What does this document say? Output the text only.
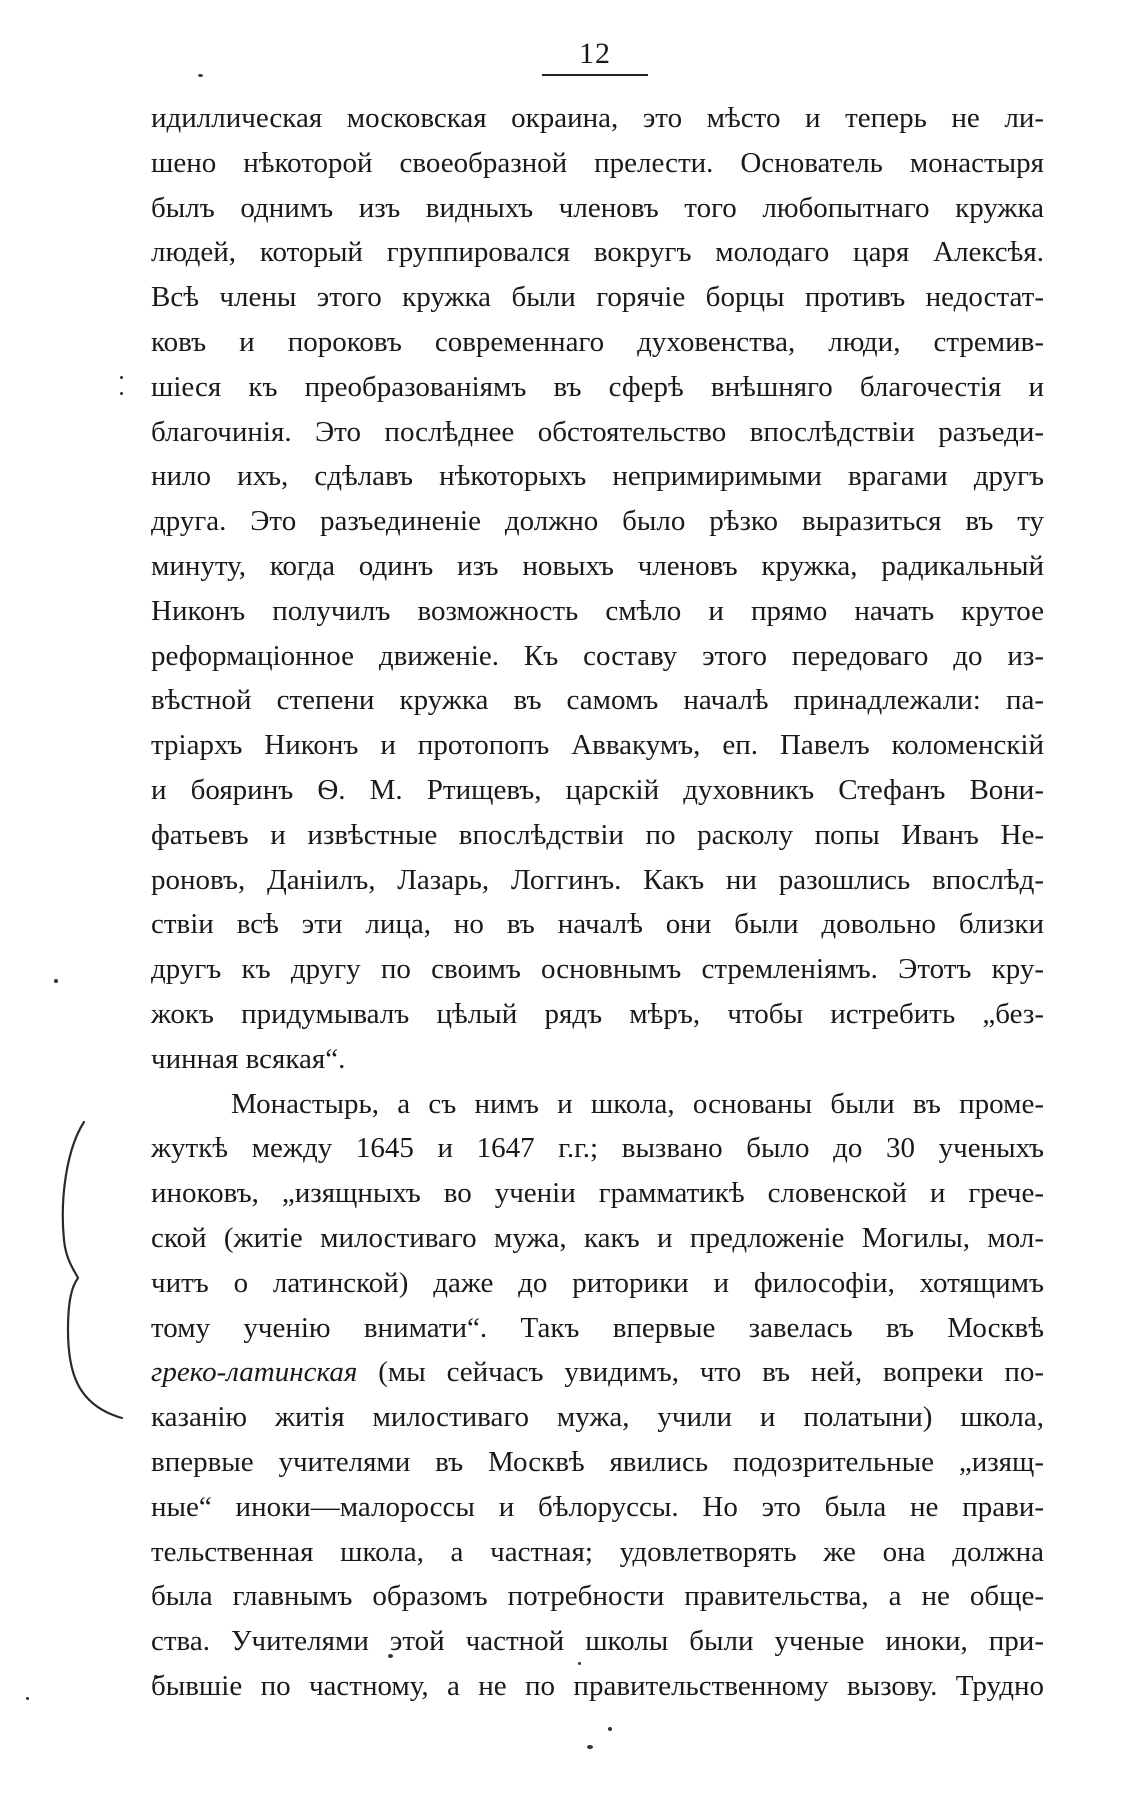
12
идиллическая московская окраина, это мѣсто и теперь не ли-
шено нѣкоторой своеобразной прелести. Основатель монастыря
былъ однимъ изъ видныхъ членовъ того любопытнаго кружка
людей, который группировался вокругъ молодаго царя Алексѣя.
Всѣ члены этого кружка были горячіе борцы противъ недостат-
ковъ и пороковъ современнаго духовенства, люди, стремив-
шіеся къ преобразованіямъ въ сферѣ внѣшняго благочестія и
благочинія. Это послѣднее обстоятельство впослѣдствіи разъеди-
нило ихъ, сдѣлавъ нѣкоторыхъ непримиримыми врагами другъ
друга. Это разъединеніе должно было рѣзко выразиться въ ту
минуту, когда одинъ изъ новыхъ членовъ кружка, радикальный
Никонъ получилъ возможность смѣло и прямо начать крутое
реформаціонное движеніе. Къ составу этого передоваго до из-
вѣстной степени кружка въ самомъ началѣ принадлежали: па-
тріархъ Никонъ и протопопъ Аввакумъ, еп. Павелъ коломенскій
и бояринъ Ѳ. М. Ртищевъ, царскій духовникъ Стефанъ Вони-
фатьевъ и извѣстные впослѣдствіи по расколу попы Иванъ Не-
роновъ, Даніилъ, Лазарь, Логгинъ. Какъ ни разошлись впослѣд-
ствіи всѣ эти лица, но въ началѣ они были довольно близки
другъ къ другу по своимъ основнымъ стремленіямъ. Этотъ кру-
жокъ придумывалъ цѣлый рядъ мѣръ, чтобы истребить „без-
чинная всякая“.
Монастырь, а съ нимъ и школа, основаны были въ проме-
жуткѣ между 1645 и 1647 г.г.; вызвано было до 30 ученыхъ
иноковъ, „изящныхъ во ученіи грамматикѣ словенской и грече-
ской (житіе милостиваго мужа, какъ и предложеніе Могилы, мол-
читъ о латинской) даже до риторики и философіи, хотящимъ
тому ученію внимати“. Такъ впервые завелась въ Москвѣ
греко-латинская (мы сейчасъ увидимъ, что въ ней, вопреки по-
казанію житія милостиваго мужа, учили и полатыни) школа,
впервые учителями въ Москвѣ явились подозрительные „изящ-
ные“ иноки—малороссы и бѣлоруссы. Но это была не прави-
тельственная школа, а частная; удовлетворять же она должна
была главнымъ образомъ потребности правительства, а не обще-
ства. Учителями этой частной школы были ученые иноки, при-
бывшіе по частному, а не по правительственному вызову. Трудно
